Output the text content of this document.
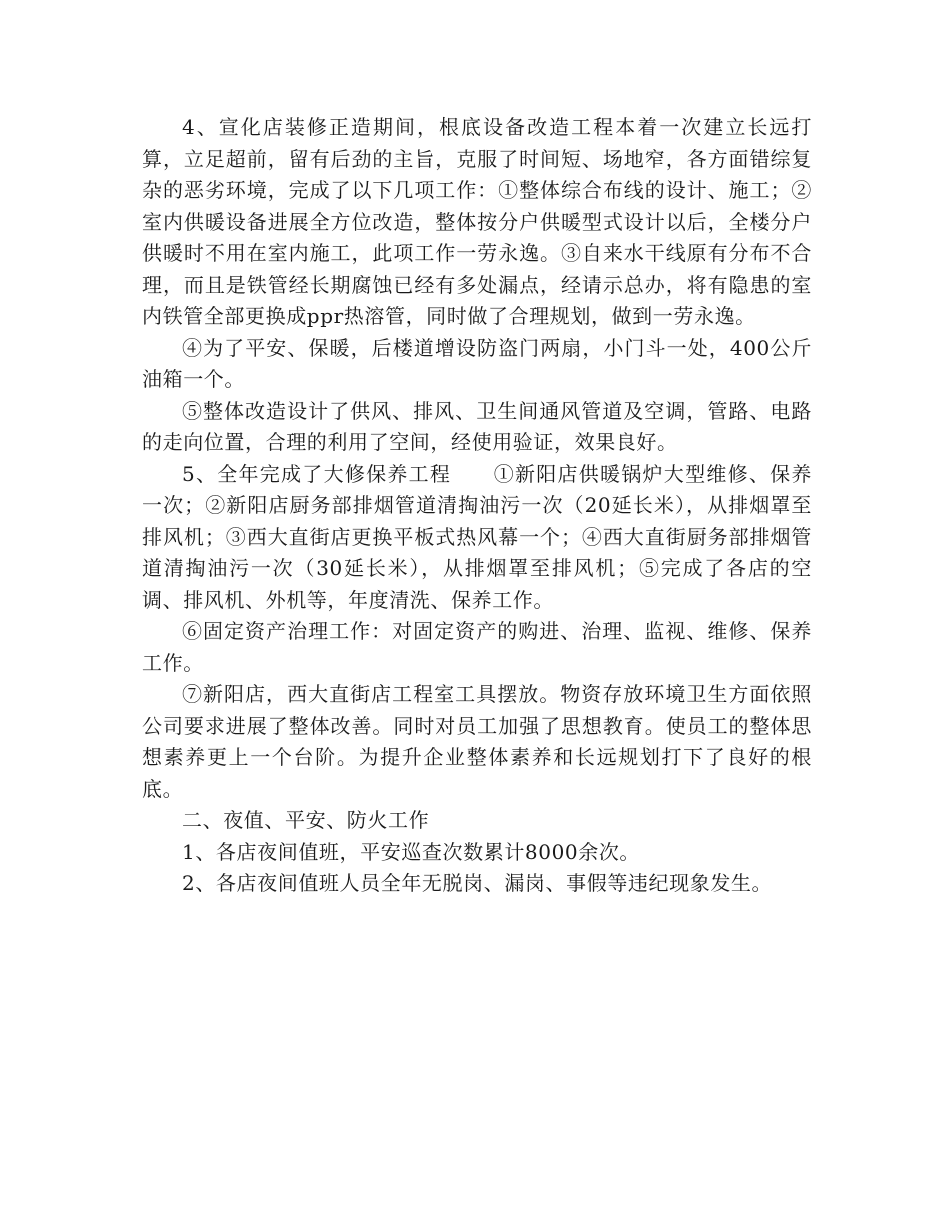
4、宣化店装修正造期间，根底设备改造工程本着一次建立长远打算，立足超前，留有后劲的主旨，克服了时间短、场地窄，各方面错综复杂的恶劣环境，完成了以下几项工作：①整体综合布线的设计、施工；②室内供暖设备进展全方位改造，整体按分户供暖型式设计以后，全楼分户供暖时不用在室内施工，此项工作一劳永逸。③自来水干线原有分布不合理，而且是铁管经长期腐蚀已经有多处漏点，经请示总办，将有隐患的室内铁管全部更换成ppr热溶管，同时做了合理规划，做到一劳永逸。

④为了平安、保暖，后楼道增设防盗门两扇，小门斗一处，400公斤油箱一个。

⑤整体改造设计了供风、排风、卫生间通风管道及空调，管路、电路的走向位置，合理的利用了空间，经使用验证，效果良好。

5、全年完成了大修保养工程　　①新阳店供暖锅炉大型维修、保养一次；②新阳店厨务部排烟管道清掏油污一次（20延长米），从排烟罩至排风机；③西大直街店更换平板式热风幕一个；④西大直街厨务部排烟管道清掏油污一次（30延长米），从排烟罩至排风机；⑤完成了各店的空调、排风机、外机等，年度清洗、保养工作。

⑥固定资产治理工作：对固定资产的购进、治理、监视、维修、保养工作。

⑦新阳店，西大直街店工程室工具摆放。物资存放环境卫生方面依照公司要求进展了整体改善。同时对员工加强了思想教育。使员工的整体思想素养更上一个台阶。为提升企业整体素养和长远规划打下了良好的根底。

二、夜值、平安、防火工作

1、各店夜间值班，平安巡查次数累计8000余次。

2、各店夜间值班人员全年无脱岗、漏岗、事假等违纪现象发生。
